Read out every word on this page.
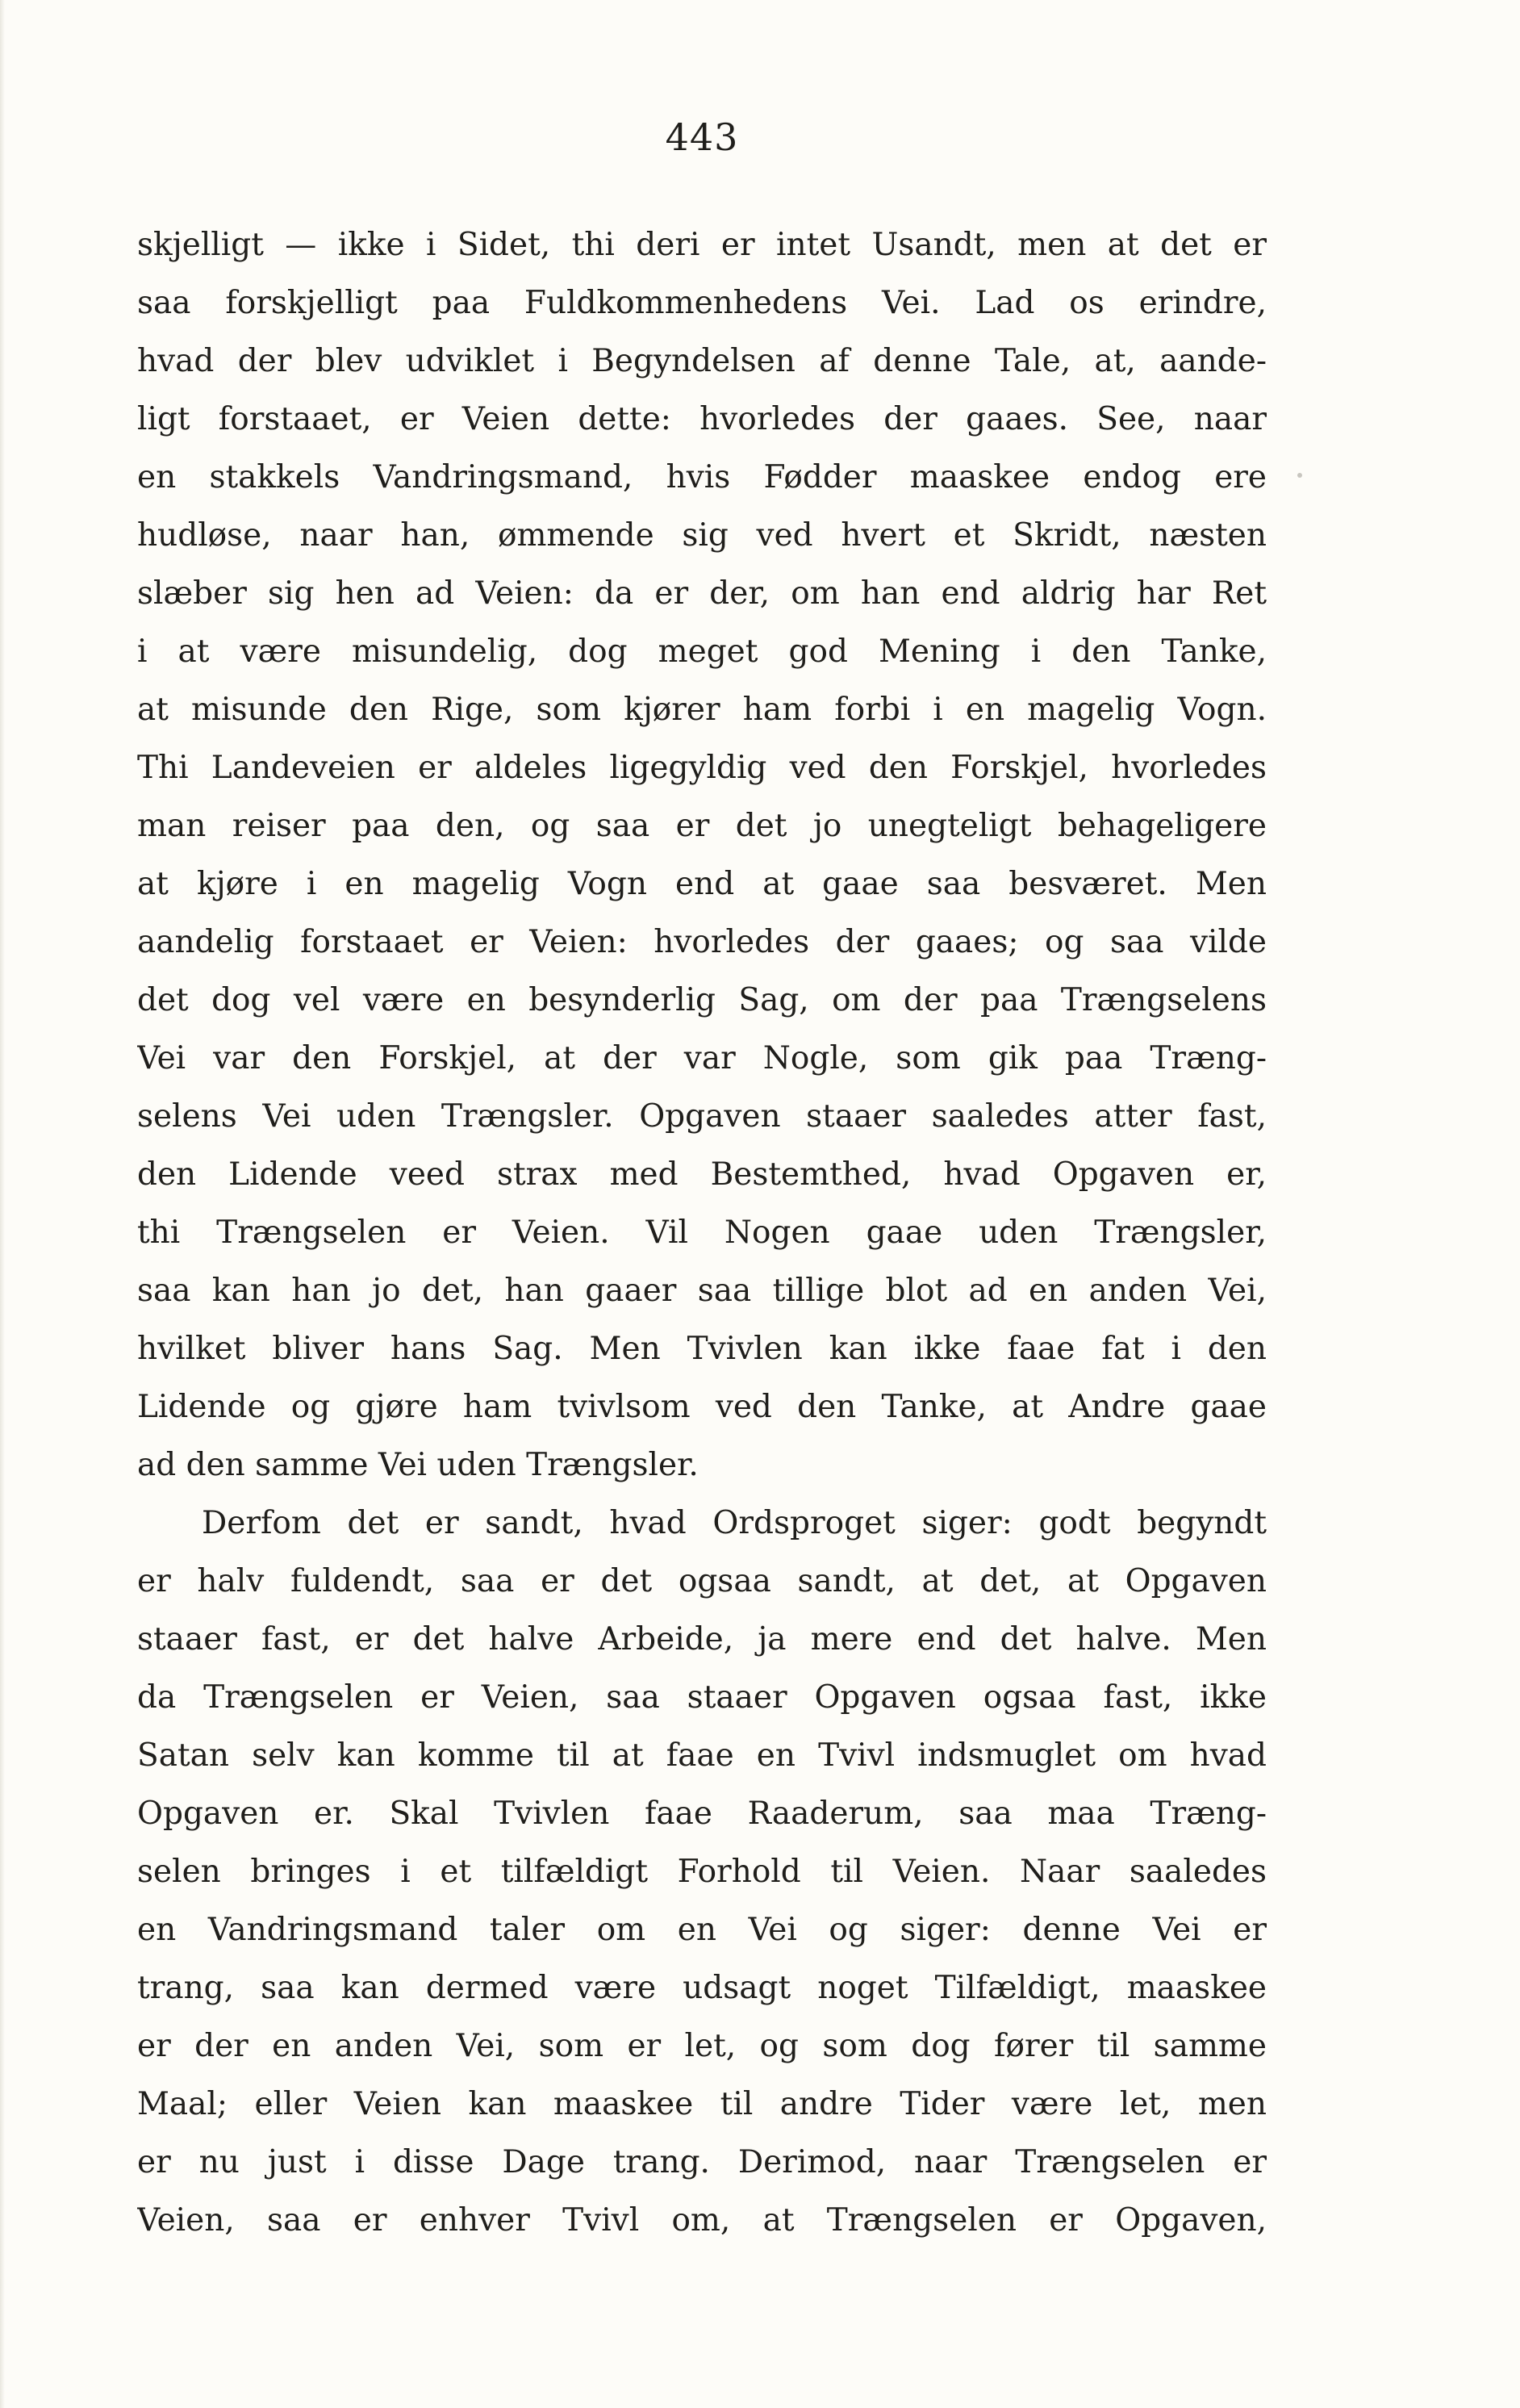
443
skjelligt — ikke i Sidet, thi deri er intet Usandt, men at det er
saa forskjelligt paa Fuldkommenhedens Vei. Lad os erindre,
hvad der blev udviklet i Begyndelsen af denne Tale, at, aande-
ligt forstaaet, er Veien dette: hvorledes der gaaes. See, naar
en stakkels Vandringsmand, hvis Fødder maaskee endog ere
hudløse, naar han, ømmende sig ved hvert et Skridt, næsten
slæber sig hen ad Veien: da er der, om han end aldrig har Ret
i at være misundelig, dog meget god Mening i den Tanke,
at misunde den Rige, som kjører ham forbi i en magelig Vogn.
Thi Landeveien er aldeles ligegyldig ved den Forskjel, hvorledes
man reiser paa den, og saa er det jo unegteligt behageligere
at kjøre i en magelig Vogn end at gaae saa besværet. Men
aandelig forstaaet er Veien: hvorledes der gaaes; og saa vilde
det dog vel være en besynderlig Sag, om der paa Trængselens
Vei var den Forskjel, at der var Nogle, som gik paa Træng-
selens Vei uden Trængsler. Opgaven staaer saaledes atter fast,
den Lidende veed strax med Bestemthed, hvad Opgaven er,
thi Trængselen er Veien. Vil Nogen gaae uden Trængsler,
saa kan han jo det, han gaaer saa tillige blot ad en anden Vei,
hvilket bliver hans Sag. Men Tvivlen kan ikke faae fat i den
Lidende og gjøre ham tvivlsom ved den Tanke, at Andre gaae
ad den samme Vei uden Trængsler.
Derfom det er sandt, hvad Ordsproget siger: godt begyndt
er halv fuldendt, saa er det ogsaa sandt, at det, at Opgaven
staaer fast, er det halve Arbeide, ja mere end det halve. Men
da Trængselen er Veien, saa staaer Opgaven ogsaa fast, ikke
Satan selv kan komme til at faae en Tvivl indsmuglet om hvad
Opgaven er. Skal Tvivlen faae Raaderum, saa maa Træng-
selen bringes i et tilfældigt Forhold til Veien. Naar saaledes
en Vandringsmand taler om en Vei og siger: denne Vei er
trang, saa kan dermed være udsagt noget Tilfældigt, maaskee
er der en anden Vei, som er let, og som dog fører til samme
Maal; eller Veien kan maaskee til andre Tider være let, men
er nu just i disse Dage trang. Derimod, naar Trængselen er
Veien, saa er enhver Tvivl om, at Trængselen er Opgaven,
